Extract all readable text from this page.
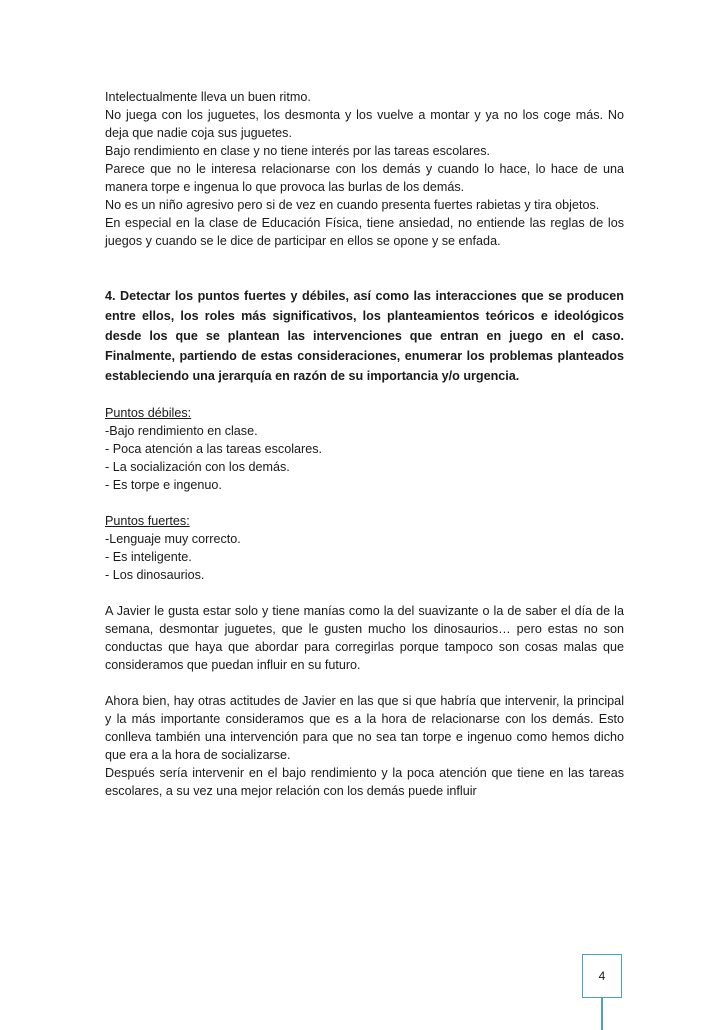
Intelectualmente lleva un buen ritmo.

No juega con los juguetes, los desmonta y los vuelve a montar y ya no los coge más. No deja que nadie coja sus juguetes.

Bajo rendimiento en clase y no tiene interés por las tareas escolares.

Parece que no le interesa relacionarse con los demás y cuando lo hace, lo hace de una manera torpe e ingenua lo que provoca las burlas de los demás.

No es un niño agresivo pero si de vez en cuando presenta fuertes rabietas y tira objetos.

En especial en la clase de Educación Física, tiene ansiedad, no entiende las reglas de los juegos y cuando se le dice de participar en ellos se opone y se enfada.

4. Detectar los puntos fuertes y débiles, así como las interacciones que se producen entre ellos, los roles más significativos, los planteamientos teóricos e ideológicos desde los que se plantean las intervenciones que entran en juego en el caso. Finalmente, partiendo de estas consideraciones, enumerar los problemas planteados estableciendo una jerarquía en razón de su importancia y/o urgencia.

Puntos débiles:

-Bajo rendimiento en clase.

- Poca atención a las tareas escolares.

- La socialización con los demás.

- Es torpe e ingenuo.

Puntos fuertes:

-Lenguaje muy correcto.

- Es inteligente.

- Los dinosaurios.

A Javier le gusta estar solo y tiene manías como la del suavizante o la de saber el día de la semana, desmontar juguetes, que le gusten mucho los dinosaurios… pero estas no son conductas que haya que abordar para corregirlas porque tampoco son cosas malas que consideramos que puedan influir en su futuro.

Ahora bien, hay otras actitudes de Javier en las que si que habría que intervenir, la principal y la más importante consideramos que es a la hora de relacionarse con los demás. Esto conlleva también una intervención para que no sea tan torpe e ingenuo como hemos dicho que era a la hora de socializarse.

Después sería intervenir en el bajo rendimiento y la poca atención que tiene en las tareas escolares, a su vez una mejor relación con los demás puede influir

4
